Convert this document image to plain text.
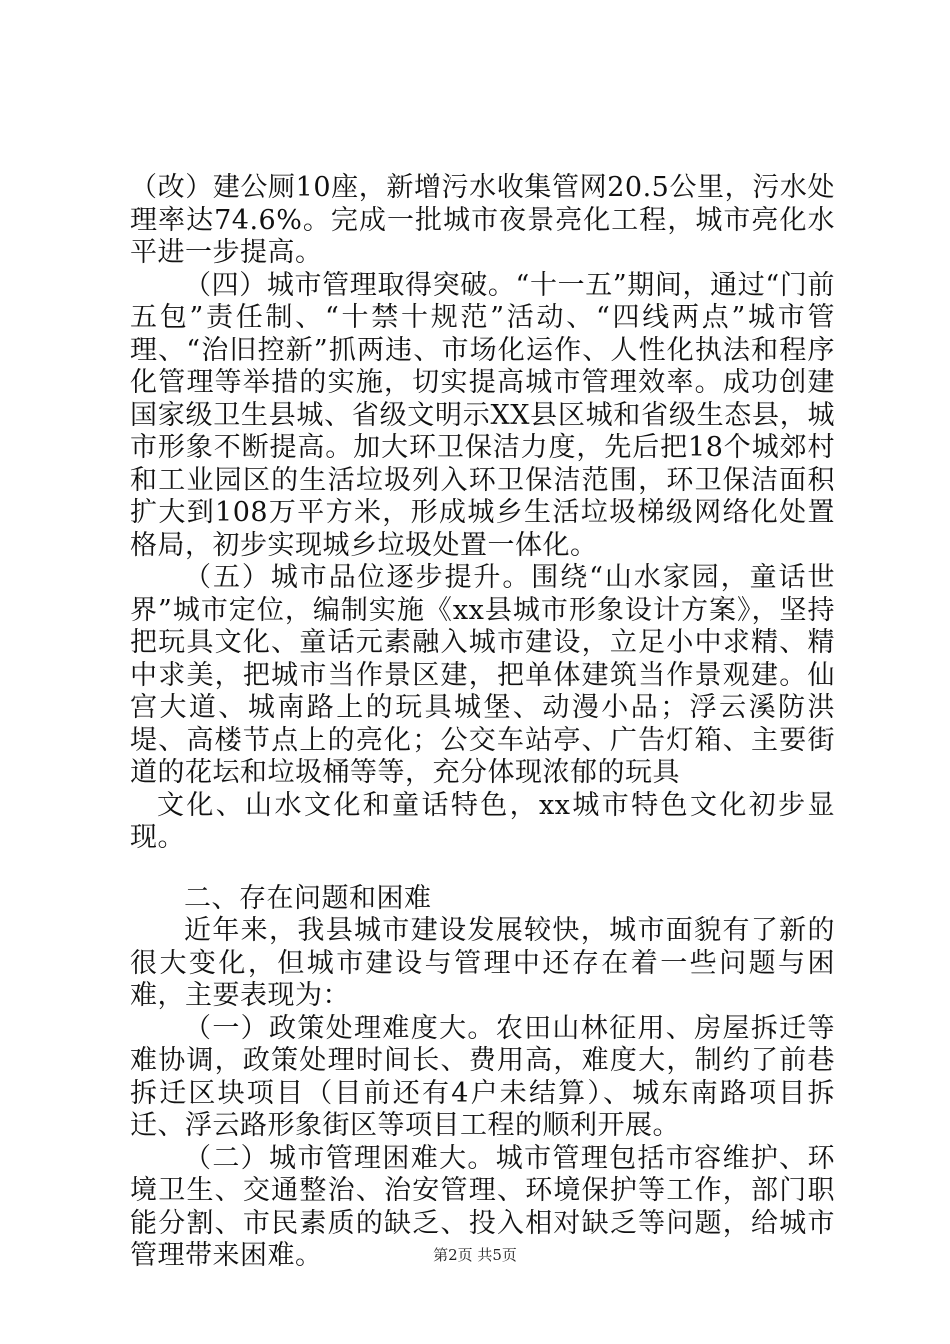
（改）建公厕10座，新增污水收集管网20.5公里，污水处理率达74.6%。完成一批城市夜景亮化工程，城市亮化水平进一步提高。

（四）城市管理取得突破。“十一五”期间，通过“门前五包”责任制、“十禁十规范”活动、“四线两点”城市管理、“治旧控新”抓两违、市场化运作、人性化执法和程序化管理等举措的实施，切实提高城市管理效率。成功创建国家级卫生县城、省级文明示XX县区城和省级生态县，城市形象不断提高。加大环卫保洁力度，先后把18个城郊村和工业园区的生活垃圾列入环卫保洁范围，环卫保洁面积扩大到108万平方米，形成城乡生活垃圾梯级网络化处置格局，初步实现城乡垃圾处置一体化。

（五）城市品位逐步提升。围绕“山水家园，童话世界”城市定位，编制实施《xx县城市形象设计方案》，坚持把玩具文化、童话元素融入城市建设，立足小中求精、精中求美，把城市当作景区建，把单体建筑当作景观建。仙宫大道、城南路上的玩具城堡、动漫小品；浮云溪防洪堤、高楼节点上的亮化；公交车站亭、广告灯箱、主要街道的花坛和垃圾桶等等，充分体现浓郁的玩具

文化、山水文化和童话特色，xx城市特色文化初步显现。

二、存在问题和困难

近年来，我县城市建设发展较快，城市面貌有了新的很大变化，但城市建设与管理中还存在着一些问题与困难，主要表现为：

（一）政策处理难度大。农田山林征用、房屋拆迁等难协调，政策处理时间长、费用高，难度大，制约了前巷拆迁区块项目（目前还有4户未结算）、城东南路项目拆迁、浮云路形象街区等项目工程的顺利开展。

（二）城市管理困难大。城市管理包括市容维护、环境卫生、交通整治、治安管理、环境保护等工作，部门职能分割、市民素质的缺乏、投入相对缺乏等问题，给城市管理带来困难。	第2页 共5页
